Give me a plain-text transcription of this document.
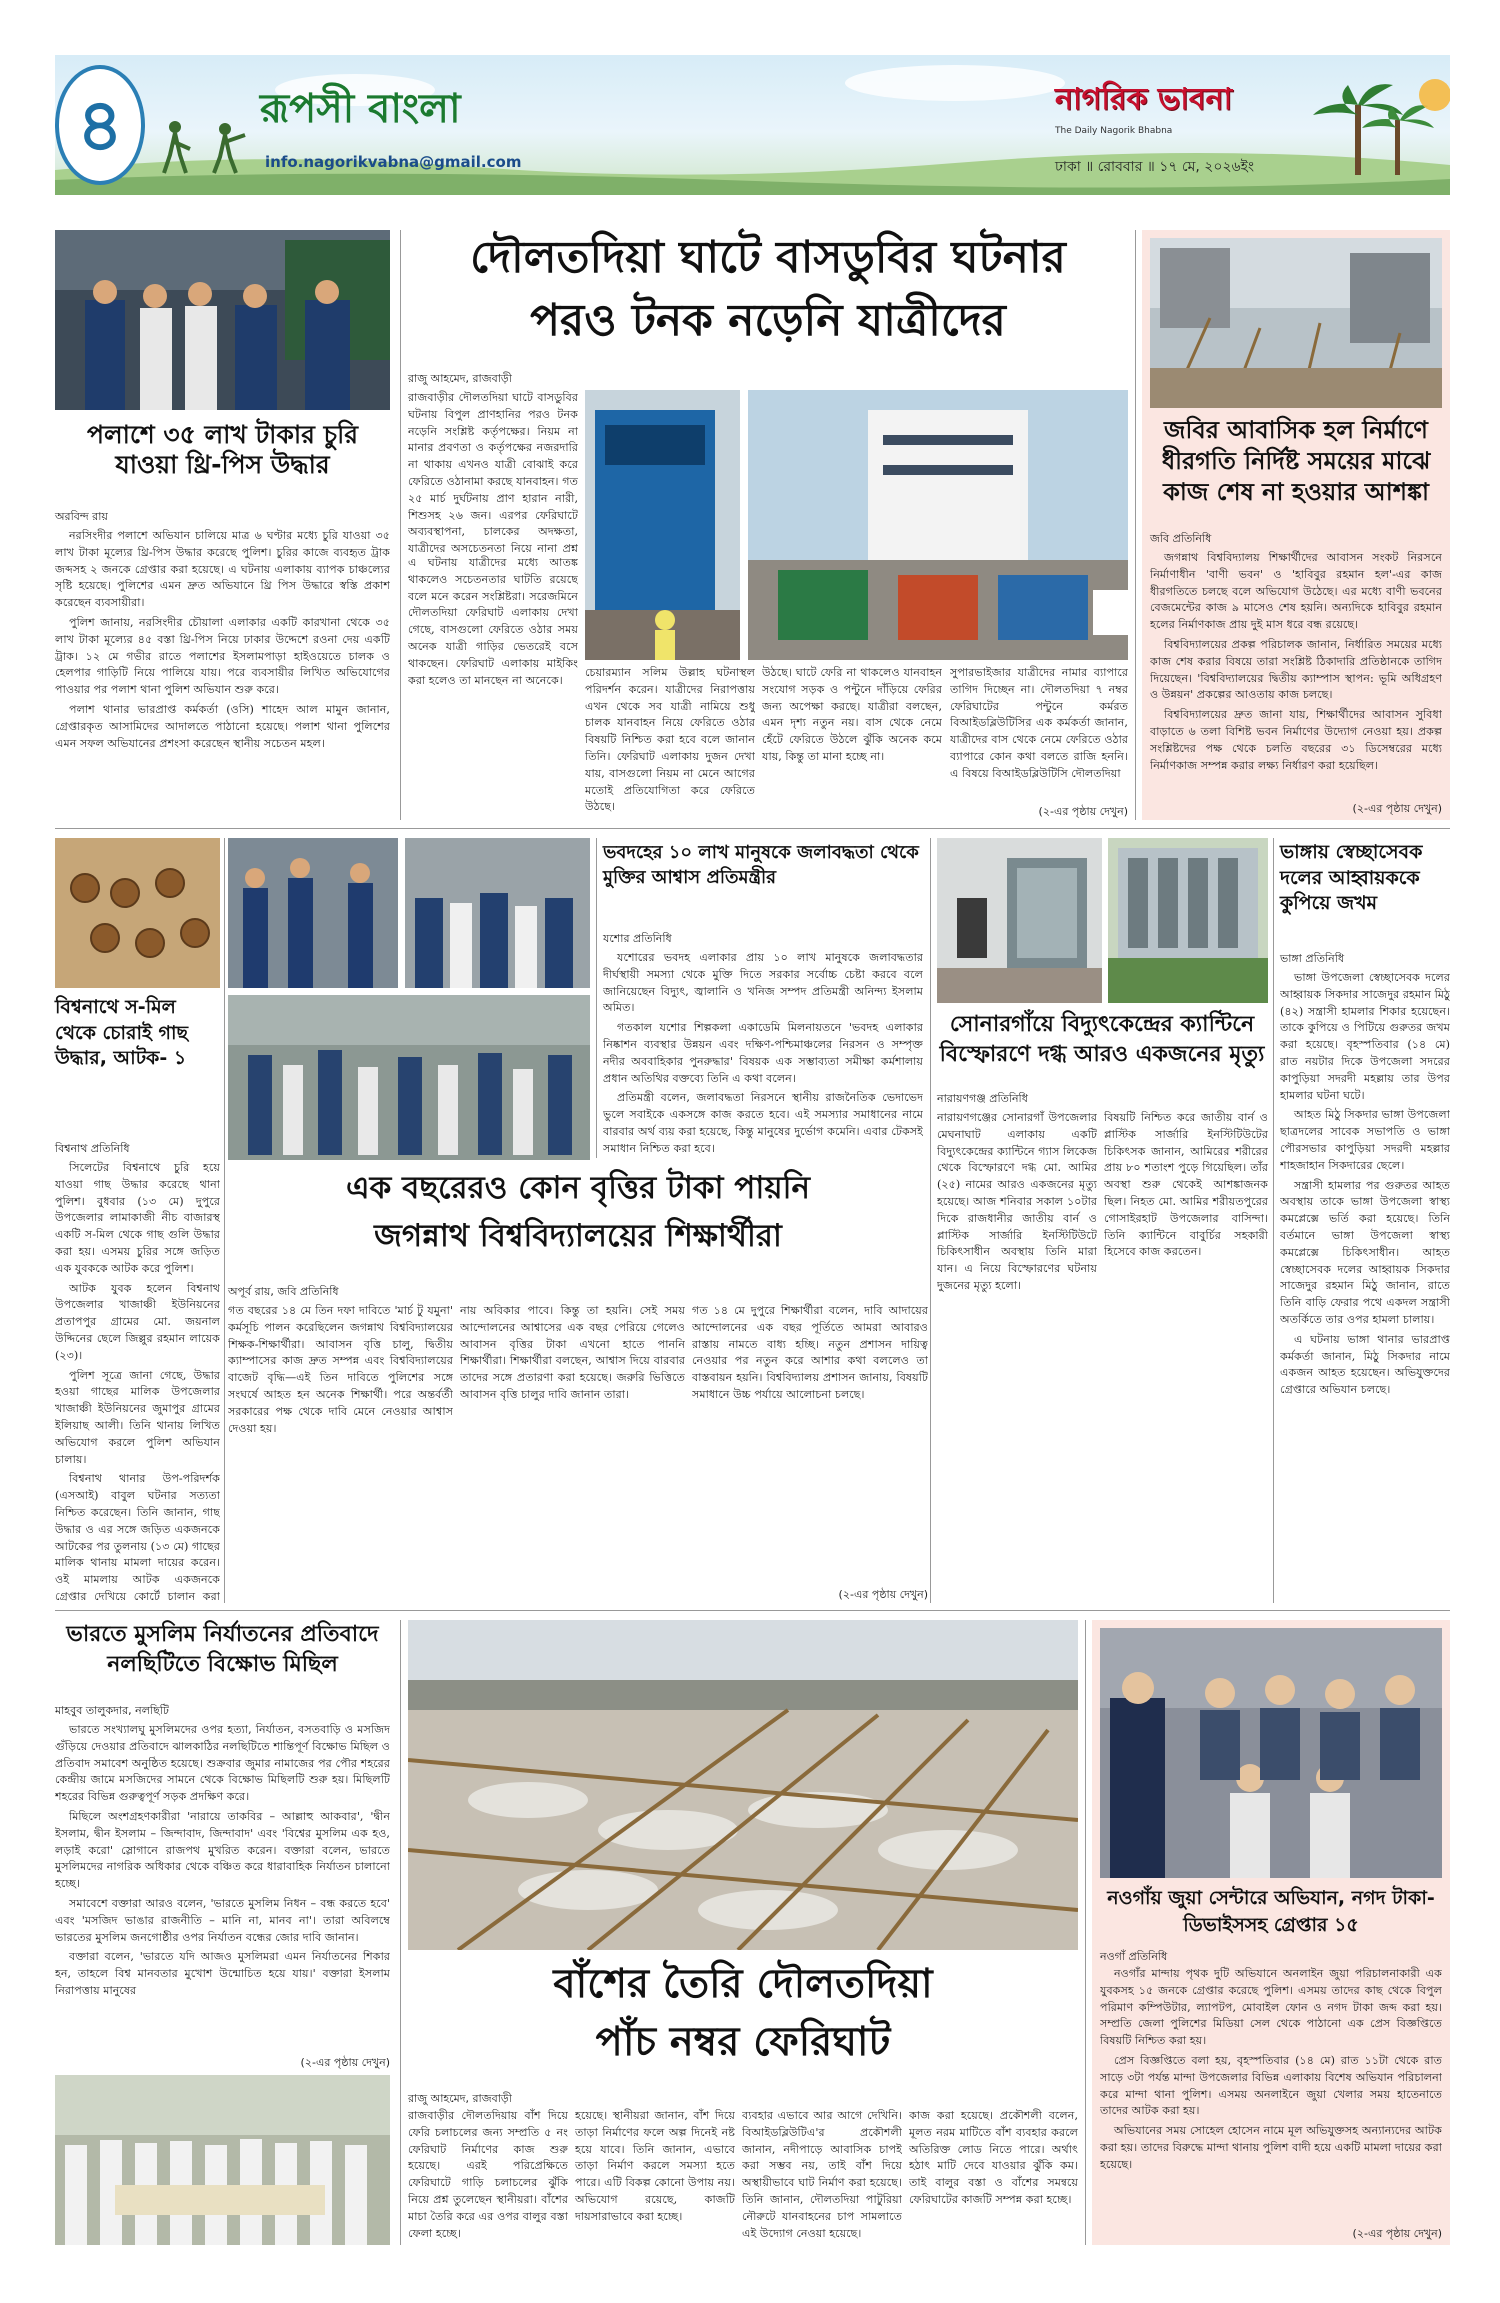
৪	রূপসী বাংলা
info.nagorikvabna@gmail.com
নাগরিক ভাবনা
The Daily Nagorik Bhabna
ঢাকা ॥ রোববার ॥ ১৭ মে, ২০২৬ইং
পলাশে ৩৫ লাখ টাকার চুরি যাওয়া থ্রি-পিস উদ্ধার
অরবিন্দ রায়

নরসিংদীর পলাশে অভিযান চালিয়ে মাত্র ৬ ঘণ্টার মধ্যে চুরি যাওয়া ৩৫ লাখ টাকা মূল্যের থ্রি-পিস উদ্ধার করেছে পুলিশ। চুরির কাজে ব্যবহৃত ট্রাক জব্দসহ ২ জনকে গ্রেপ্তার করা হয়েছে। এ ঘটনায় এলাকায় ব্যাপক চাঞ্চল্যের সৃষ্টি হয়েছে। পুলিশের এমন দ্রুত অভিযানে থ্রি পিস উদ্ধারে স্বস্তি প্রকাশ করেছেন ব্যবসায়ীরা।

পুলিশ জানায়, নরসিংদীর চৌয়ালা এলাকার একটি কারখানা থেকে ৩৫ লাখ টাকা মূল্যের ৪৫ বস্তা থ্রি-পিস নিয়ে ঢাকার উদ্দেশে রওনা দেয় একটি ট্রাক। ১২ মে গভীর রাতে পলাশের ইসলামপাড়া হাইওয়েতে চালক ও হেলপার গাড়িটি নিয়ে পালিয়ে যায়। পরে ব্যবসায়ীর লিখিত অভিযোগের পাওয়ার পর পলাশ থানা পুলিশ অভিযান শুরু করে।

পলাশ থানার ভারপ্রাপ্ত কর্মকর্তা (ওসি) শাহেদ আল মামুন জানান, গ্রেপ্তারকৃত আসামিদের আদালতে পাঠানো হয়েছে। পলাশ থানা পুলিশের এমন সফল অভিযানের প্রশংসা করেছেন স্থানীয় সচেতন মহল।

দৌলতদিয়া ঘাটে বাসডুবির ঘটনার
পরও টনক নড়েনি যাত্রীদের
রাজু আহমেদ, রাজবাড়ী
রাজবাড়ীর দৌলতদিয়া ঘাটে বাসডুবির ঘটনায় বিপুল প্রাণহানির পরও টনক নড়েনি সংশ্লিষ্ট কর্তৃপক্ষের। নিয়ম না মানার প্রবণতা ও কর্তৃপক্ষের নজরদারি না থাকায় এখনও যাত্রী বোঝাই করে ফেরিতে ওঠানামা করছে যানবাহন। গত ২৫ মার্চ দুর্ঘটনায় প্রাণ হারান নারী, শিশুসহ ২৬ জন। এরপর ফেরিঘাটে অব্যবস্থাপনা, চালকের অদক্ষতা, যাত্রীদের অসচেতনতা নিয়ে নানা প্রশ্ন
এ ঘটনায় যাত্রীদের মধ্যে আতঙ্ক থাকলেও সচেতনতার ঘাটতি রয়েছে বলে মনে করেন সংশ্লিষ্টরা। সরেজমিনে দৌলতদিয়া ফেরিঘাট এলাকায় দেখা গেছে, বাসগুলো ফেরিতে ওঠার সময় অনেক যাত্রী গাড়ির ভেতরেই বসে থাকছেন। ফেরিঘাট এলাকায় মাইকিং করা হলেও তা মানছেন না অনেকে।
চেয়ারম্যান সলিম উল্লাহ ঘটনাস্থল পরিদর্শন করেন। যাত্রীদের নিরাপত্তায় এখন থেকে সব যাত্রী নামিয়ে শুধু চালক যানবাহন নিয়ে ফেরিতে ওঠার বিষয়টি নিশ্চিত করা হবে বলে জানান তিনি। ফেরিঘাট এলাকায় দুজন দেখা যায়, বাসগুলো নিয়ম না মেনে আগের মতোই প্রতিযোগিতা করে ফেরিতে উঠছে।
উঠছে। ঘাটে ফেরি না থাকলেও যানবাহন সংযোগ সড়ক ও পন্টুনে দাঁড়িয়ে ফেরির জন্য অপেক্ষা করছে। যাত্রীরা বলছেন, এমন দৃশ্য নতুন নয়। বাস থেকে নেমে হেঁটে ফেরিতে উঠলে ঝুঁকি অনেক কমে যায়, কিন্তু তা মানা হচ্ছে না।
সুপারভাইজার যাত্রীদের নামার ব্যাপারে তাগিদ দিচ্ছেন না। দৌলতদিয়া ৭ নম্বর ফেরিঘাটের পন্টুনে কর্মরত বিআইডব্লিউটিসির এক কর্মকর্তা জানান, যাত্রীদের বাস থেকে নেমে ফেরিতে ওঠার ব্যাপারে কোন কথা বলতে রাজি হননি। এ বিষয়ে বিআইডব্লিউটিসি দৌলতদিয়া
(২-এর পৃষ্ঠায় দেখুন)
জবির আবাসিক হল নির্মাণে ধীরগতি নির্দিষ্ট সময়ের মাঝে কাজ শেষ না হওয়ার আশঙ্কা
জবি প্রতিনিধি

জগন্নাথ বিশ্ববিদ্যালয় শিক্ষার্থীদের আবাসন সংকট নিরসনে নির্মাণাধীন 'বাণী ভবন' ও 'হাবিবুর রহমান হল'-এর কাজ ধীরগতিতে চলছে বলে অভিযোগ উঠেছে। এর মধ্যে বাণী ভবনের বেজমেন্টের কাজ ৯ মাসেও শেষ হয়নি। অন্যদিকে হাবিবুর রহমান হলের নির্মাণকাজ প্রায় দুই মাস ধরে বন্ধ রয়েছে।

বিশ্ববিদ্যালয়ের প্রকল্প পরিচালক জানান, নির্ধারিত সময়ের মধ্যে কাজ শেষ করার বিষয়ে তারা সংশ্লিষ্ট ঠিকাদারি প্রতিষ্ঠানকে তাগিদ দিয়েছেন। 'বিশ্ববিদ্যালয়ের দ্বিতীয় ক্যাম্পাস স্থাপন: ভূমি অধিগ্রহণ ও উন্নয়ন' প্রকল্পের আওতায় কাজ চলছে।

বিশ্ববিদ্যালয়ের দ্রুত জানা যায়, শিক্ষার্থীদের আবাসন সুবিধা বাড়াতে ৬ তলা বিশিষ্ট ভবন নির্মাণের উদ্যোগ নেওয়া হয়। প্রকল্প সংশ্লিষ্টদের পক্ষ থেকে চলতি বছরের ৩১ ডিসেম্বরের মধ্যে নির্মাণকাজ সম্পন্ন করার লক্ষ্য নির্ধারণ করা হয়েছিল।

(২-এর পৃষ্ঠায় দেখুন)
বিশ্বনাথে স-মিল থেকে চোরাই গাছ উদ্ধার, আটক- ১
বিশ্বনাথ প্রতিনিধি

সিলেটের বিশ্বনাথে চুরি হয়ে যাওয়া গাছ উদ্ধার করেছে থানা পুলিশ। বুধবার (১৩ মে) দুপুরে উপজেলার লামাকাজী নীচ বাজারস্থ একটি স-মিল থেকে গাছ গুলি উদ্ধার করা হয়। এসময় চুরির সঙ্গে জড়িত এক যুবককে আটক করে পুলিশ।

আটক যুবক হলেন বিশ্বনাথ উপজেলার খাজাঞ্চী ইউনিয়নের প্রতাপপুর গ্রামের মো. জয়নাল উদ্দিনের ছেলে জিল্লুর রহমান লায়েক (২৩)।

পুলিশ সূত্রে জানা গেছে, উদ্ধার হওয়া গাছের মালিক উপজেলার খাজাঞ্চী ইউনিয়নের জুমাপুর গ্রামের ইলিয়াছ আলী। তিনি থানায় লিখিত অভিযোগ করলে পুলিশ অভিযান চালায়।

বিশ্বনাথ থানার উপ-পরিদর্শক (এসআই) বাবুল ঘটনার সত্যতা নিশ্চিত করেছেন। তিনি জানান, গাছ উদ্ধার ও এর সঙ্গে জড়িত একজনকে আটকের পর তুলনায় (১৩ মে) গাছের মালিক থানায় মামলা দায়ের করেন। ওই মামলায় আটক একজনকে গ্রেপ্তার দেখিয়ে কোর্টে চালান করা

এক বছরেরও কোন বৃত্তির টাকা পায়নি
জগন্নাথ বিশ্ববিদ্যালয়ের শিক্ষার্থীরা
অপূর্ব রায়, জবি প্রতিনিধি
গত বছরের ১৪ মে তিন দফা দাবিতে 'মার্চ টু যমুনা' কর্মসূচি পালন করেছিলেন জগন্নাথ বিশ্ববিদ্যালয়ের শিক্ষক-শিক্ষার্থীরা। আবাসন বৃত্তি চালু, দ্বিতীয় ক্যাম্পাসের কাজ দ্রুত সম্পন্ন এবং বিশ্ববিদ্যালয়ের বাজেট বৃদ্ধি—এই তিন দাবিতে পুলিশের সঙ্গে সংঘর্ষে আহত হন অনেক শিক্ষার্থী। পরে অন্তর্বর্তী সরকারের পক্ষ থেকে দাবি মেনে নেওয়ার আশ্বাস দেওয়া হয়।
নায় অবিকার পাবে। কিন্তু তা হয়নি। সেই সময় আন্দোলনের আশ্বাসের এক বছর পেরিয়ে গেলেও আবাসন বৃত্তির টাকা এখনো হাতে পাননি শিক্ষার্থীরা। শিক্ষার্থীরা বলছেন, আশ্বাস দিয়ে বারবার তাদের সঙ্গে প্রতারণা করা হয়েছে। জরুরি ভিত্তিতে আবাসন বৃত্তি চালুর দাবি জানান তারা।
গত ১৪ মে দুপুরে শিক্ষার্থীরা বলেন, দাবি আদায়ের আন্দোলনের এক বছর পূর্তিতে আমরা আবারও রাস্তায় নামতে বাধ্য হচ্ছি। নতুন প্রশাসন দায়িত্ব নেওয়ার পর নতুন করে আশার কথা বললেও তা বাস্তবায়ন হয়নি। বিশ্ববিদ্যালয় প্রশাসন জানায়, বিষয়টি সমাধানে উচ্চ পর্যায়ে আলোচনা চলছে।
(২-এর পৃষ্ঠায় দেখুন)
ভবদহের ১০ লাখ মানুষকে জলাবদ্ধতা থেকে মুক্তির আশ্বাস প্রতিমন্ত্রীর
যশোর প্রতিনিধি

যশোরের ভবদহ এলাকার প্রায় ১০ লাখ মানুষকে জলাবদ্ধতার দীর্ঘস্থায়ী সমস্যা থেকে মুক্তি দিতে সরকার সর্বোচ্চ চেষ্টা করবে বলে জানিয়েছেন বিদ্যুৎ, জ্বালানি ও খনিজ সম্পদ প্রতিমন্ত্রী অনিন্দ্য ইসলাম অমিত।

গতকাল যশোর শিল্পকলা একাডেমি মিলনায়তনে 'ভবদহ এলাকার নিষ্কাশন ব্যবস্থার উন্নয়ন এবং দক্ষিণ-পশ্চিমাঞ্চলের নিরসন ও সম্পৃক্ত নদীর অববাহিকার পুনরুদ্ধার' বিষয়ক এক সম্ভাব্যতা সমীক্ষা কর্মশালায় প্রধান অতিথির বক্তব্যে তিনি এ কথা বলেন।

প্রতিমন্ত্রী বলেন, জলাবদ্ধতা নিরসনে স্থানীয় রাজনৈতিক ভেদাভেদ ভুলে সবাইকে একসঙ্গে কাজ করতে হবে। এই সমস্যার সমাধানের নামে বারবার অর্থ ব্যয় করা হয়েছে, কিন্তু মানুষের দুর্ভোগ কমেনি। এবার টেকসই সমাধান নিশ্চিত করা হবে।

সোনারগাঁয়ে বিদ্যুৎকেন্দ্রের ক্যান্টিনে বিস্ফোরণে দগ্ধ আরও একজনের মৃত্যু
নারায়ণগঞ্জ প্রতিনিধি
নারায়ণগঞ্জের সোনারগাঁ উপজেলার মেঘনাঘাট এলাকায় একটি বিদ্যুৎকেন্দ্রের ক্যান্টিনে গ্যাস লিকেজ থেকে বিস্ফোরণে দগ্ধ মো. আমির (২৫) নামের আরও একজনের মৃত্যু হয়েছে। আজ শনিবার সকাল ১০টার দিকে রাজধানীর জাতীয় বার্ন ও প্লাস্টিক সার্জারি ইনস্টিটিউটে চিকিৎসাধীন অবস্থায় তিনি মারা যান। এ নিয়ে বিস্ফোরণের ঘটনায় দুজনের মৃত্যু হলো।
বিষয়টি নিশ্চিত করে জাতীয় বার্ন ও প্লাস্টিক সার্জারি ইনস্টিটিউটের চিকিৎসক জানান, আমিরের শরীরের প্রায় ৮০ শতাংশ পুড়ে গিয়েছিল। তাঁর অবস্থা শুরু থেকেই আশঙ্কাজনক ছিল। নিহত মো. আমির শরীয়তপুরের গোসাইরহাট উপজেলার বাসিন্দা। তিনি ক্যান্টিনে বাবুর্চির সহকারী হিসেবে কাজ করতেন।
ভাঙ্গায় স্বেচ্ছাসেবক দলের আহ্বায়ককে কুপিয়ে জখম
ভাঙ্গা প্রতিনিধি

ভাঙ্গা উপজেলা স্বেচ্ছাসেবক দলের আহ্বায়ক সিকদার সাজেদুর রহমান মিঠু (৪২) সন্ত্রাসী হামলার শিকার হয়েছেন। তাকে কুপিয়ে ও পিটিয়ে গুরুতর জখম করা হয়েছে। বৃহস্পতিবার (১৪ মে) রাত নয়টার দিকে উপজেলা সদরের কাপুড়িয়া সদরদী মহল্লায় তার উপর হামলার ঘটনা ঘটে।

আহত মিঠু সিকদার ভাঙ্গা উপজেলা ছাত্রদলের সাবেক সভাপতি ও ভাঙ্গা পৌরসভার কাপুড়িয়া সদরদী মহল্লার শাহজাহান সিকদারের ছেলে।

সন্ত্রাসী হামলার পর গুরুতর আহত অবস্থায় তাকে ভাঙ্গা উপজেলা স্বাস্থ্য কমপ্লেক্সে ভর্তি করা হয়েছে। তিনি বর্তমানে ভাঙ্গা উপজেলা স্বাস্থ্য কমপ্লেক্সে চিকিৎসাধীন। আহত স্বেচ্ছাসেবক দলের আহ্বায়ক সিকদার সাজেদুর রহমান মিঠু জানান, রাতে তিনি বাড়ি ফেরার পথে একদল সন্ত্রাসী অতর্কিতে তার ওপর হামলা চালায়।

এ ঘটনায় ভাঙ্গা থানার ভারপ্রাপ্ত কর্মকর্তা জানান, মিঠু সিকদার নামে একজন আহত হয়েছেন। অভিযুক্তদের গ্রেপ্তারে অভিযান চলছে।

ভারতে মুসলিম নির্যাতনের প্রতিবাদে নলছিটিতে বিক্ষোভ মিছিল
মাহবুব তালুকদার, নলছিটি

ভারতে সংখ্যালঘু মুসলিমদের ওপর হত্যা, নির্যাতন, বসতবাড়ি ও মসজিদ গুঁড়িয়ে দেওয়ার প্রতিবাদে ঝালকাঠির নলছিটিতে শান্তিপূর্ণ বিক্ষোভ মিছিল ও প্রতিবাদ সমাবেশ অনুষ্ঠিত হয়েছে। শুক্রবার জুমার নামাজের পর পৌর শহরের কেন্দ্রীয় জামে মসজিদের সামনে থেকে বিক্ষোভ মিছিলটি শুরু হয়। মিছিলটি শহরের বিভিন্ন গুরুত্বপূর্ণ সড়ক প্রদক্ষিণ করে।

মিছিলে অংশগ্রহণকারীরা 'নারায়ে তাকবির – আল্লাহু আকবার', 'দ্বীন ইসলাম, দ্বীন ইসলাম – জিন্দাবাদ, জিন্দাবাদ' এবং 'বিশ্বের মুসলিম এক হও, লড়াই করো' স্লোগানে রাজপথ মুখরিত করেন। বক্তারা বলেন, ভারতে মুসলিমদের নাগরিক অধিকার থেকে বঞ্চিত করে ধারাবাহিক নির্যাতন চালানো হচ্ছে।

সমাবেশে বক্তারা আরও বলেন, 'ভারতে মুসলিম নিধন – বন্ধ করতে হবে' এবং 'মসজিদ ভাঙার রাজনীতি – মানি না, মানব না'। তারা অবিলম্বে ভারতের মুসলিম জনগোষ্ঠীর ওপর নির্যাতন বন্ধের জোর দাবি জানান।

বক্তারা বলেন, 'ভারতে যদি আজও মুসলিমরা এমন নির্যাতনের শিকার হন, তাহলে বিশ্ব মানবতার মুখোশ উন্মোচিত হয়ে যায়।' বক্তারা ইসলাম নিরাপত্তায় মানুষের

(২-এর পৃষ্ঠায় দেখুন)
বাঁশের তৈরি দৌলতদিয়া
পাঁচ নম্বর ফেরিঘাট
রাজু আহমেদ, রাজবাড়ী
রাজবাড়ীর দৌলতদিয়ায় বাঁশ দিয়ে ফেরি চলাচলের জন্য সম্প্রতি ৫ নং ফেরিঘাট নির্মাণের কাজ শুরু হয়েছে। এরই পরিপ্রেক্ষিতে ফেরিঘাটে গাড়ি চলাচলের ঝুঁকি নিয়ে প্রশ্ন তুলেছেন স্থানীয়রা। বাঁশের মাচা তৈরি করে এর ওপর বালুর বস্তা ফেলা হচ্ছে।
হয়েছে। স্থানীয়রা জানান, বাঁশ দিয়ে তাড়া নির্মাণের ফলে অল্প দিনেই নষ্ট হয়ে যাবে। তিনি জানান, এভাবে তাড়া নির্মাণ করলে সমস্যা হতে পারে। এটি বিকল্প কোনো উপায় নয়। অভিযোগ রয়েছে, কাজটি দায়সারাভাবে করা হচ্ছে।
ব্যবহার এভাবে আর আগে দেখিনি। বিআইডব্লিউটিএ'র প্রকৌশলী জানান, নদীপাড়ে আবাসিক চাপই করা সম্ভব নয়, তাই বাঁশ দিয়ে অস্থায়ীভাবে ঘাট নির্মাণ করা হয়েছে। তিনি জানান, দৌলতদিয়া পাটুরিয়া নৌরুটে যানবাহনের চাপ সামলাতে এই উদ্যোগ নেওয়া হয়েছে।
কাজ করা হয়েছে। প্রকৌশলী বলেন, মূলত নরম মাটিতে বাঁশ ব্যবহার করলে অতিরিক্ত লোড নিতে পারে। অর্থাৎ হঠাৎ মাটি দেবে যাওয়ার ঝুঁকি কম। তাই বালুর বস্তা ও বাঁশের সমন্বয়ে ফেরিঘাটের কাজটি সম্পন্ন করা হচ্ছে।
নওগাঁয় জুয়া সেন্টারে অভিযান, নগদ টাকা-ডিভাইসসহ গ্রেপ্তার ১৫
নওগাঁ প্রতিনিধি

নওগাঁর মান্দায় পৃথক দুটি অভিযানে অনলাইন জুয়া পরিচালনাকারী এক যুবকসহ ১৫ জনকে গ্রেপ্তার করেছে পুলিশ। এসময় তাদের কাছ থেকে বিপুল পরিমাণ কম্পিউটার, ল্যাপটপ, মোবাইল ফোন ও নগদ টাকা জব্দ করা হয়। সম্প্রতি জেলা পুলিশের মিডিয়া সেল থেকে পাঠানো এক প্রেস বিজ্ঞপ্তিতে বিষয়টি নিশ্চিত করা হয়।

প্রেস বিজ্ঞপ্তিতে বলা হয়, বৃহস্পতিবার (১৪ মে) রাত ১১টা থেকে রাত সাড়ে ৩টা পর্যন্ত মান্দা উপজেলার বিভিন্ন এলাকায় বিশেষ অভিযান পরিচালনা করে মান্দা থানা পুলিশ। এসময় অনলাইনে জুয়া খেলার সময় হাতেনাতে তাদের আটক করা হয়।

অভিযানের সময় সোহেল হোসেন নামে মূল অভিযুক্তসহ অন্যান্যদের আটক করা হয়। তাদের বিরুদ্ধে মান্দা থানায় পুলিশ বাদী হয়ে একটি মামলা দায়ের করা হয়েছে।

(২-এর পৃষ্ঠায় দেখুন)
